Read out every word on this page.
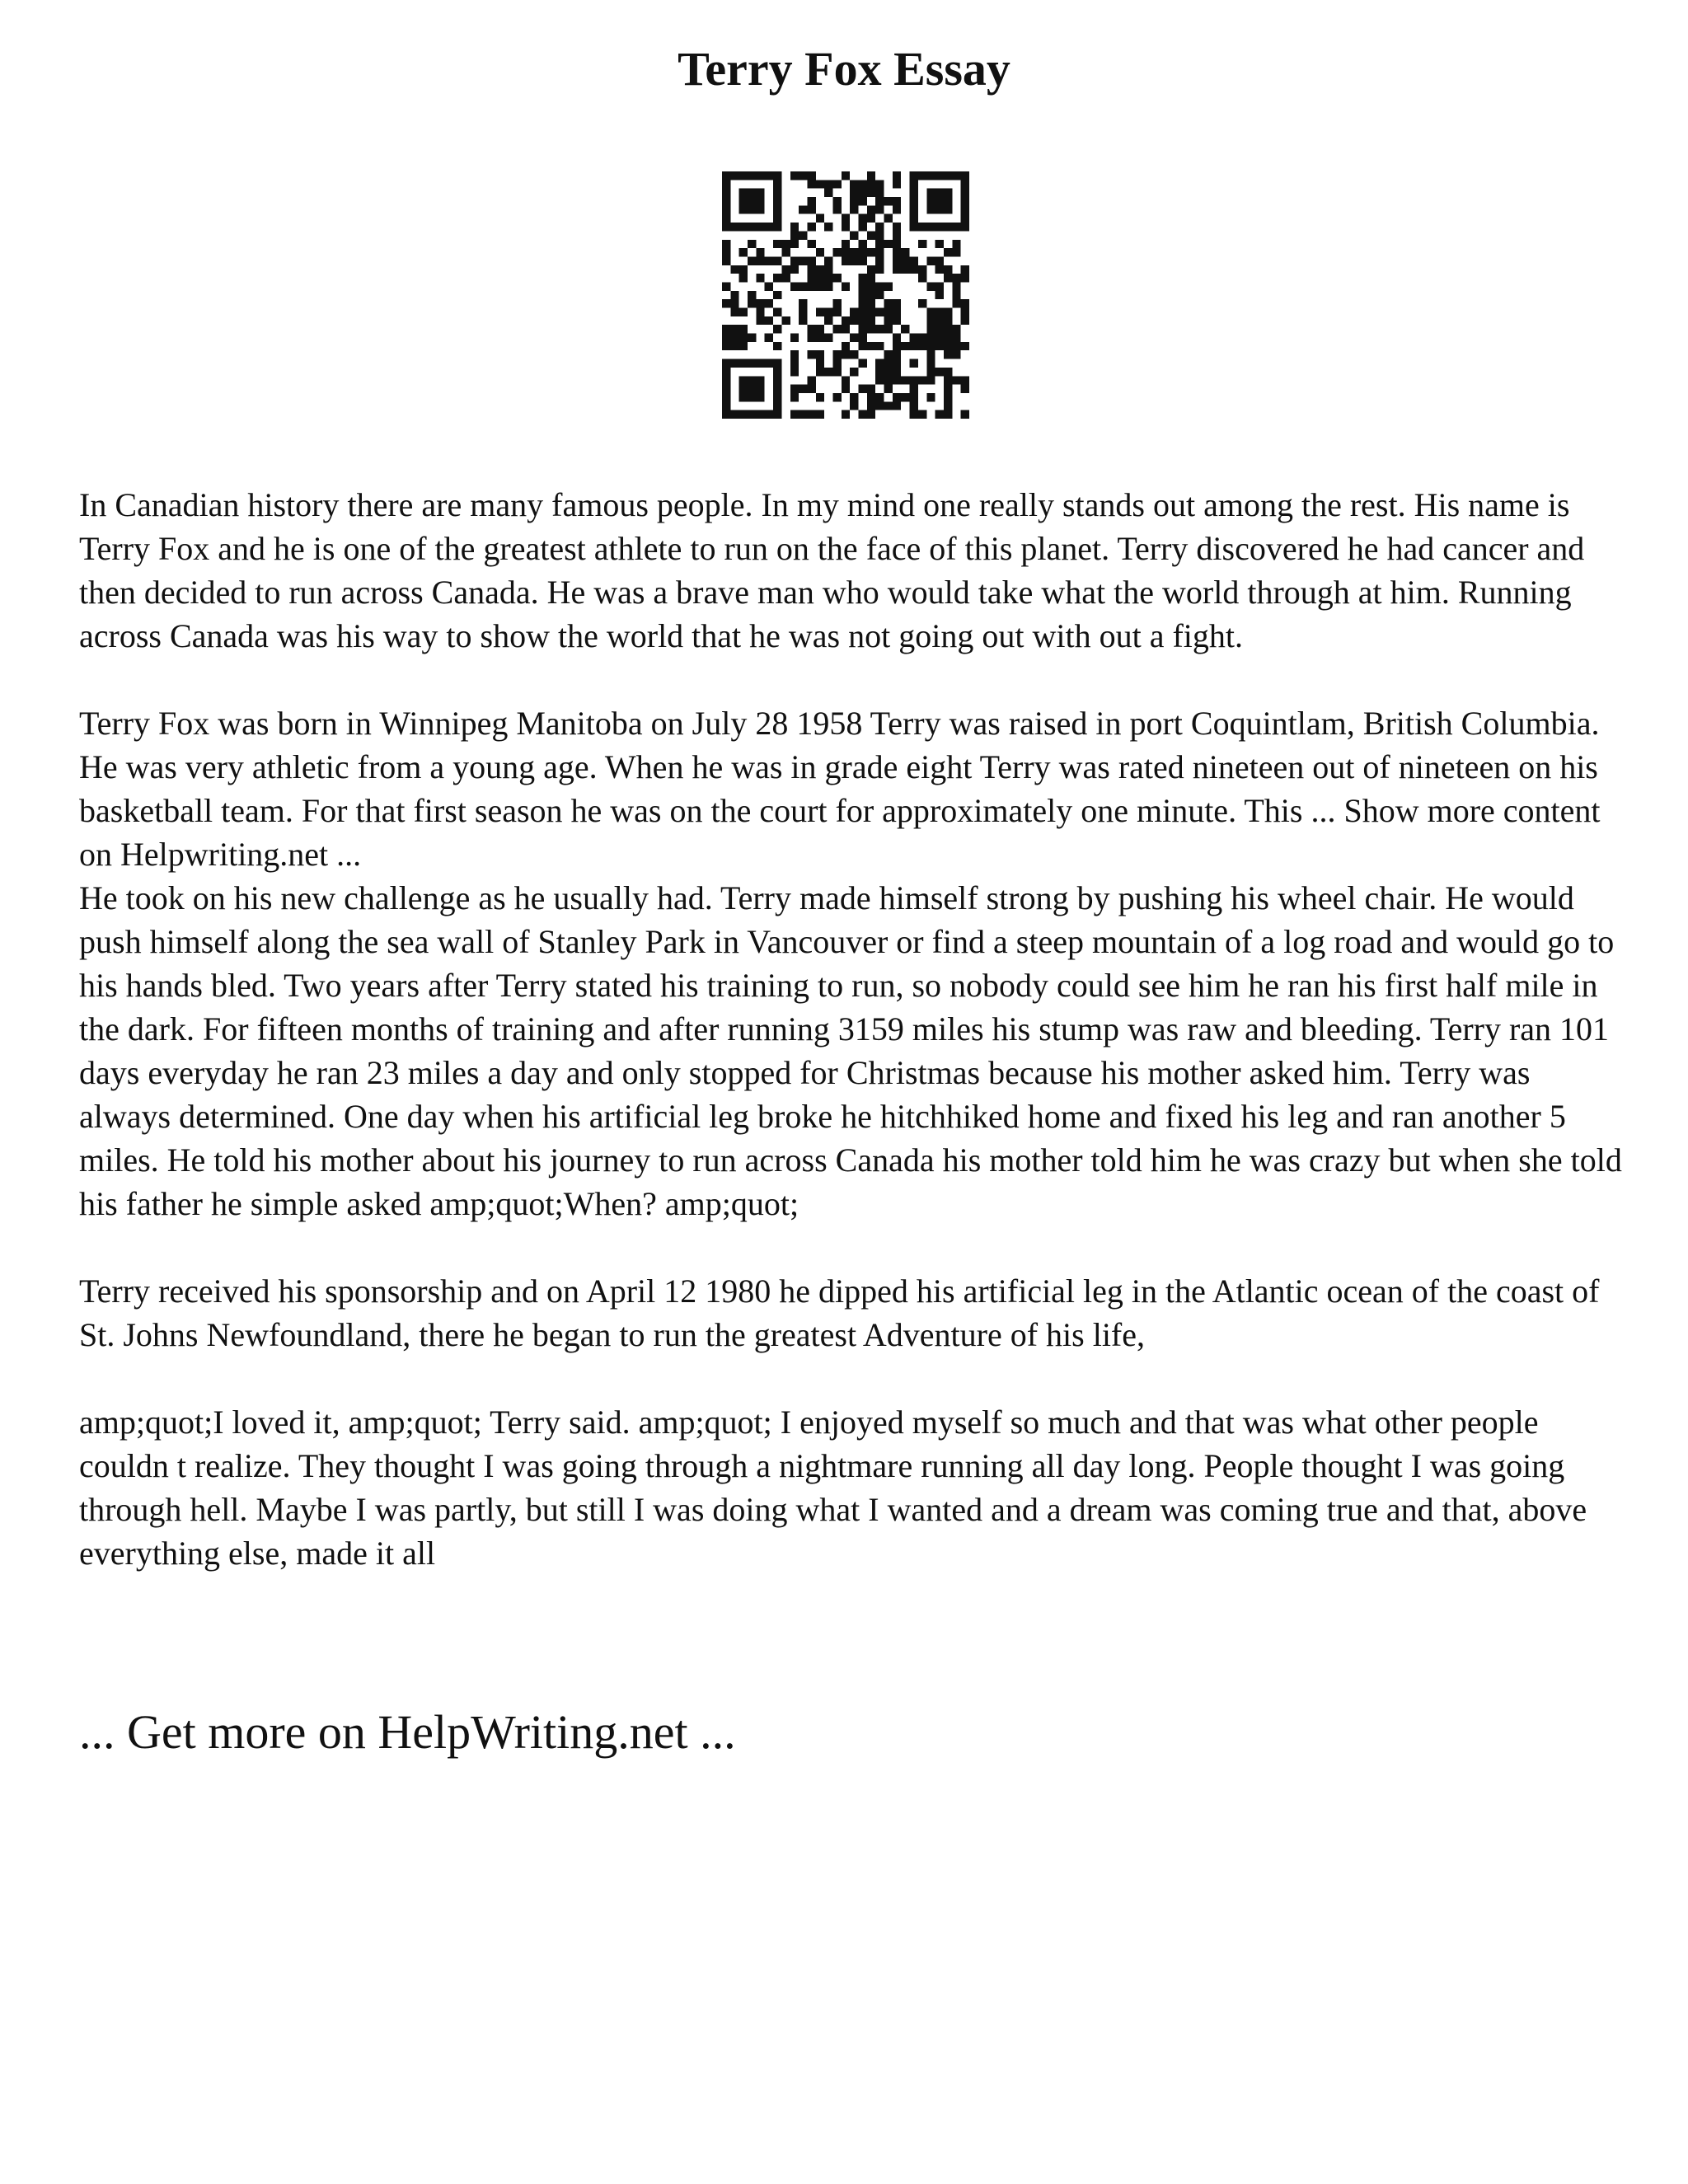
Terry Fox Essay

In Canadian history there are many famous people. In my mind one really stands out among the rest. His name is Terry Fox and he is one of the greatest athlete to run on the face of this planet. Terry discovered he had cancer and then decided to run across Canada. He was a brave man who would take what the world through at him. Running across Canada was his way to show the world that he was not going out with out a fight.

Terry Fox was born in Winnipeg Manitoba on July 28 1958 Terry was raised in port Coquintlam, British Columbia. He was very athletic from a young age. When he was in grade eight Terry was rated nineteen out of nineteen on his basketball team. For that first season he was on the court for approximately one minute. This ... Show more content on Helpwriting.net ...

He took on his new challenge as he usually had. Terry made himself strong by pushing his wheel chair. He would push himself along the sea wall of Stanley Park in Vancouver or find a steep mountain of a log road and would go to his hands bled. Two years after Terry stated his training to run, so nobody could see him he ran his first half mile in the dark. For fifteen months of training and after running 3159 miles his stump was raw and bleeding. Terry ran 101 days everyday he ran 23 miles a day and only stopped for Christmas because his mother asked him. Terry was always determined. One day when his artificial leg broke he hitchhiked home and fixed his leg and ran another 5 miles. He told his mother about his journey to run across Canada his mother told him he was crazy but when she told his father he simple asked amp;quot;When? amp;quot;

Terry received his sponsorship and on April 12 1980 he dipped his artificial leg in the Atlantic ocean of the coast of St. Johns Newfoundland, there he began to run the greatest Adventure of his life,

amp;quot;I loved it, amp;quot; Terry said. amp;quot; I enjoyed myself so much and that was what other people couldn t realize. They thought I was going through a nightmare running all day long. People thought I was going through hell. Maybe I was partly, but still I was doing what I wanted and a dream was coming true and that, above everything else, made it all

... Get more on HelpWriting.net ...
